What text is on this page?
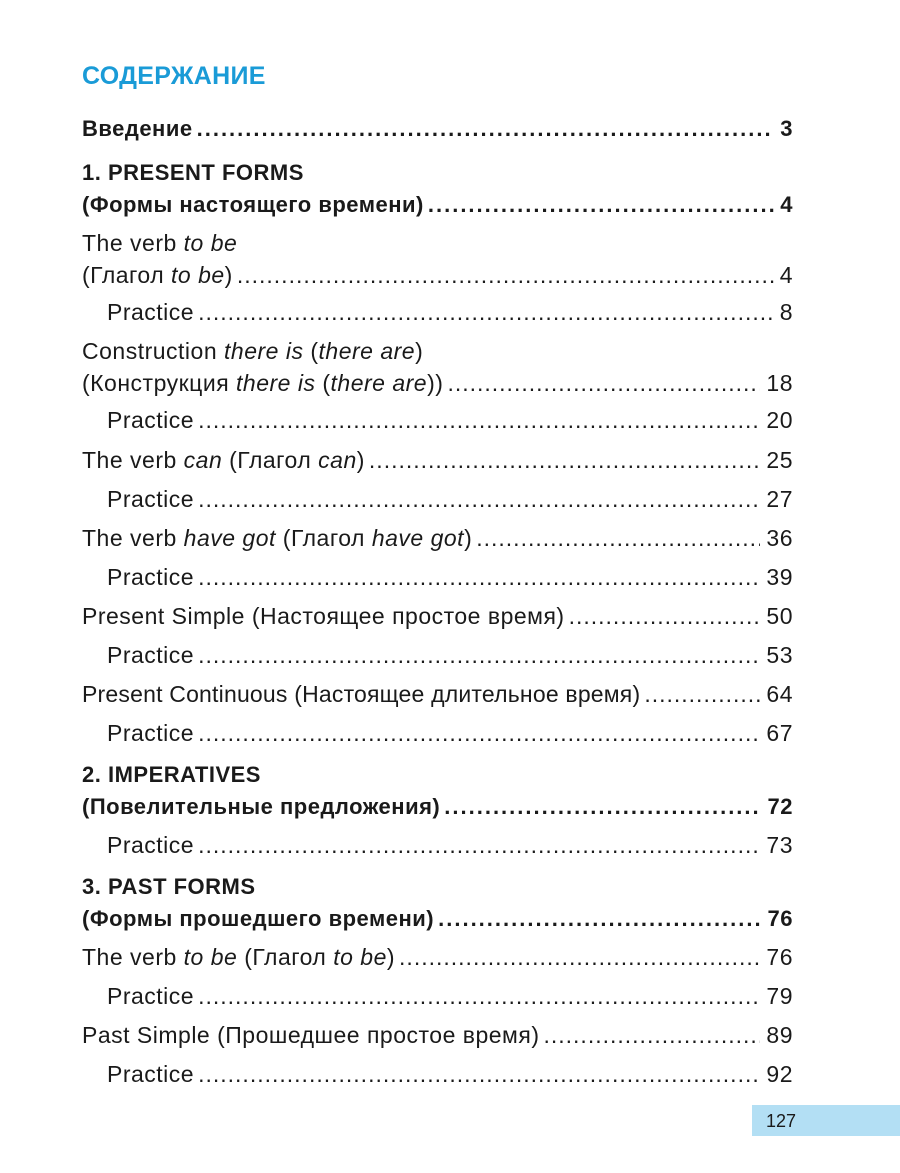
СОДЕРЖАНИЕ
Введение .....	3
1. PRESENT FORMS
(Формы настоящего времени) .....	4
The verb to be
(Глагол to be) .....	4
Practice .....	8
Construction there is (there are)
(Конструкция there is (there are)) .....	18
Practice .....	20
The verb can (Глагол can) .....	25
Practice .....	27
The verb have got (Глагол have got) .....	36
Practice .....	39
Present Simple (Настоящее простое время) .....	50
Practice .....	53
Present Continuous (Настоящее длительное время) .....	64
Practice .....	67
2. IMPERATIVES
(Повелительные предложения) .....	72
Practice .....	73
3. PAST FORMS
(Формы прошедшего времени) .....	76
The verb to be (Глагол to be) .....	76
Practice .....	79
Past Simple (Прошедшее простое время) .....	89
Practice .....	92
127
